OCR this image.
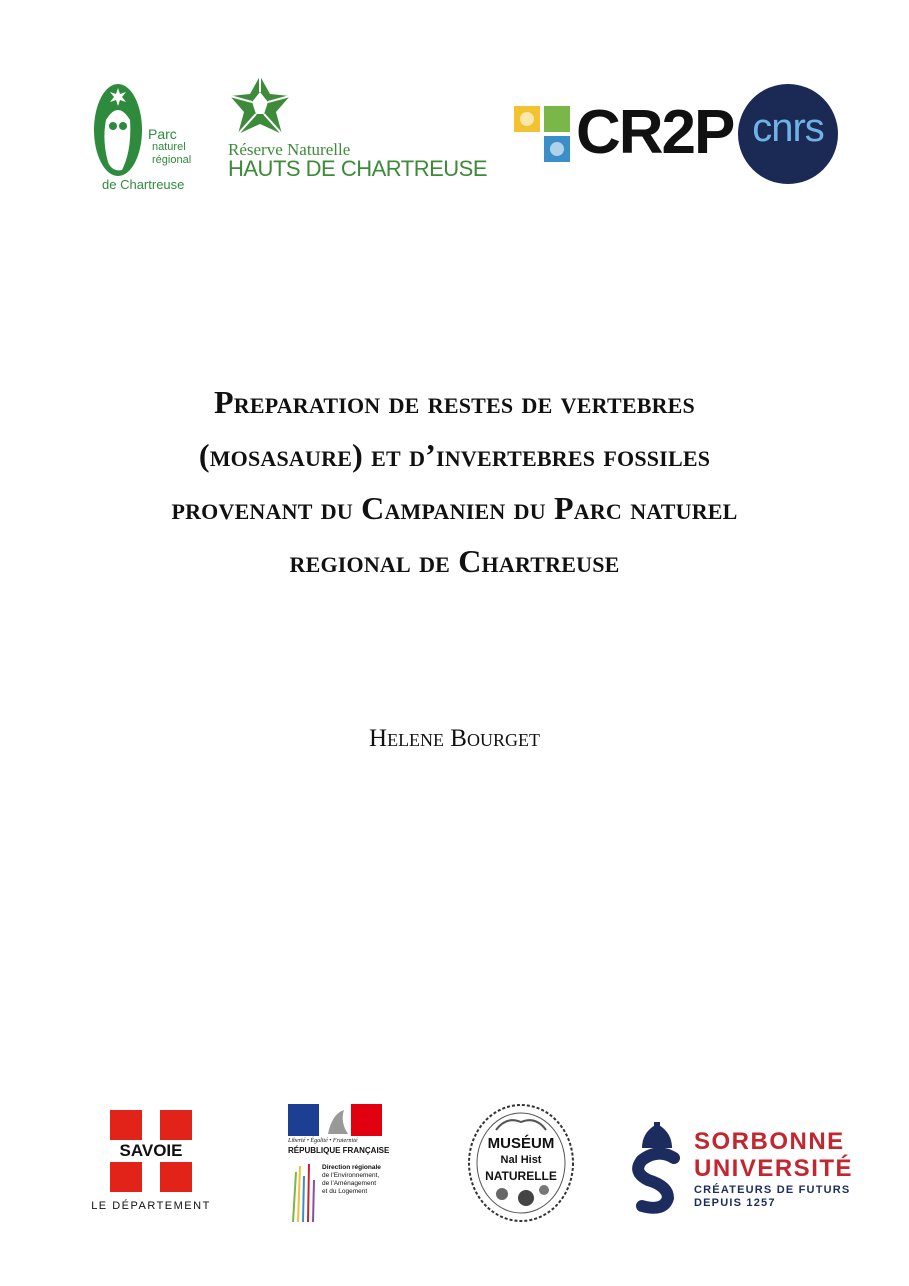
Parc
naturel
régional
de Chartreuse
Réserve Naturelle
HAUTS DE CHARTREUSE
CR2P cnrs
Preparation de restes de vertebres
(mosasaure) et d’invertebres fossiles
provenant du Campanien du Parc naturel
regional de Chartreuse
Helene Bourget
SAVOIE
LE DÉPARTEMENT
Liberté • Égalité • Fraternité
RÉPUBLIQUE FRANÇAISE
Direction régionale
de l'Environnement,
de l'Aménagement
et du Logement
MUSÉUM
Nal Hist
NATURELLE
SORBONNE
UNIVERSITÉ
CRÉATEURS DE FUTURS
DEPUIS 1257
